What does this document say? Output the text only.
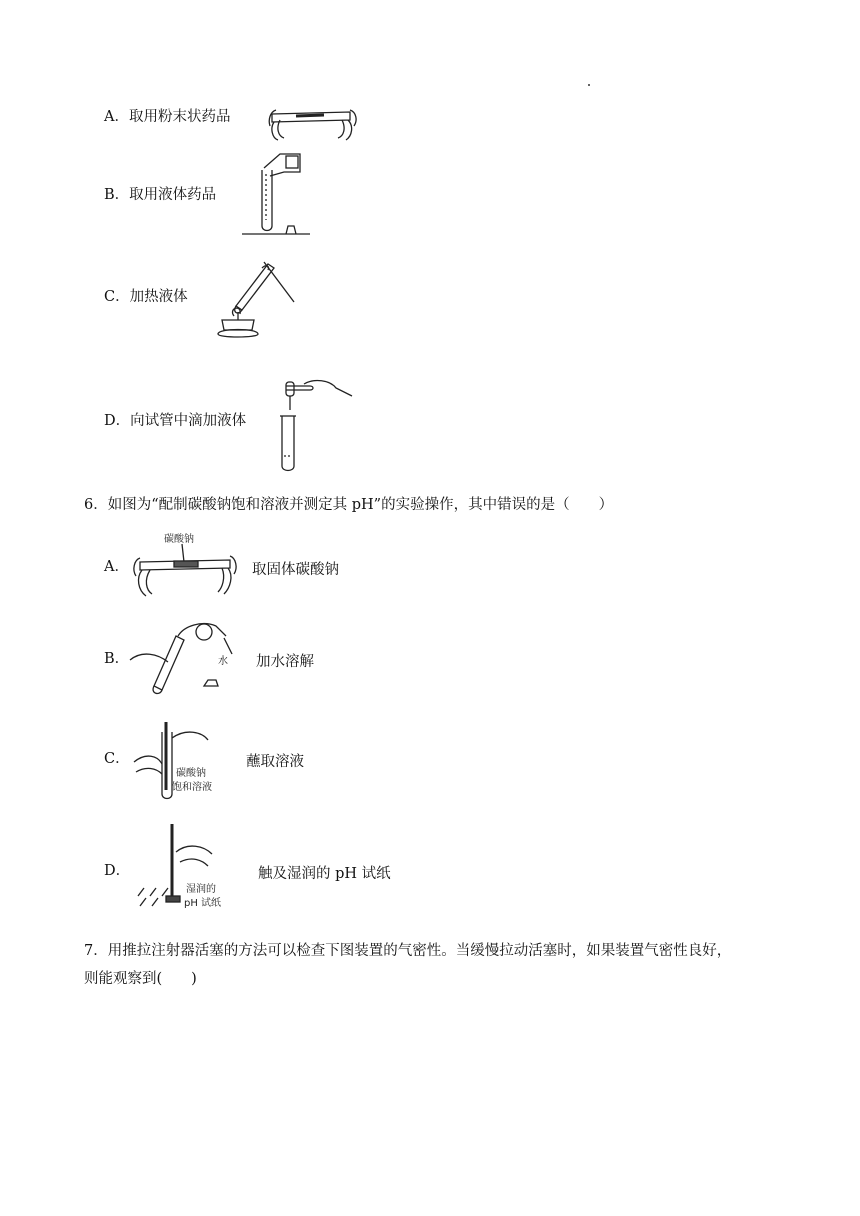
A．取用粉末状药品
B．取用液体药品
C．加热液体
D．向试管中滴加液体
6．如图为“配制碳酸钠饱和溶液并测定其 pH”的实验操作，其中错误的是（　　）
A．
碳酸钠
取固体碳酸钠
B．	水 加水溶解
C．
碳酸钠
饱和溶液
蘸取溶液
D．
湿润的
pH 试纸
触及湿润的 pH 试纸
7．用推拉注射器活塞的方法可以检查下图装置的气密性。当缓慢拉动活塞时，如果装置气密性良好，
则能观察到(　　)
